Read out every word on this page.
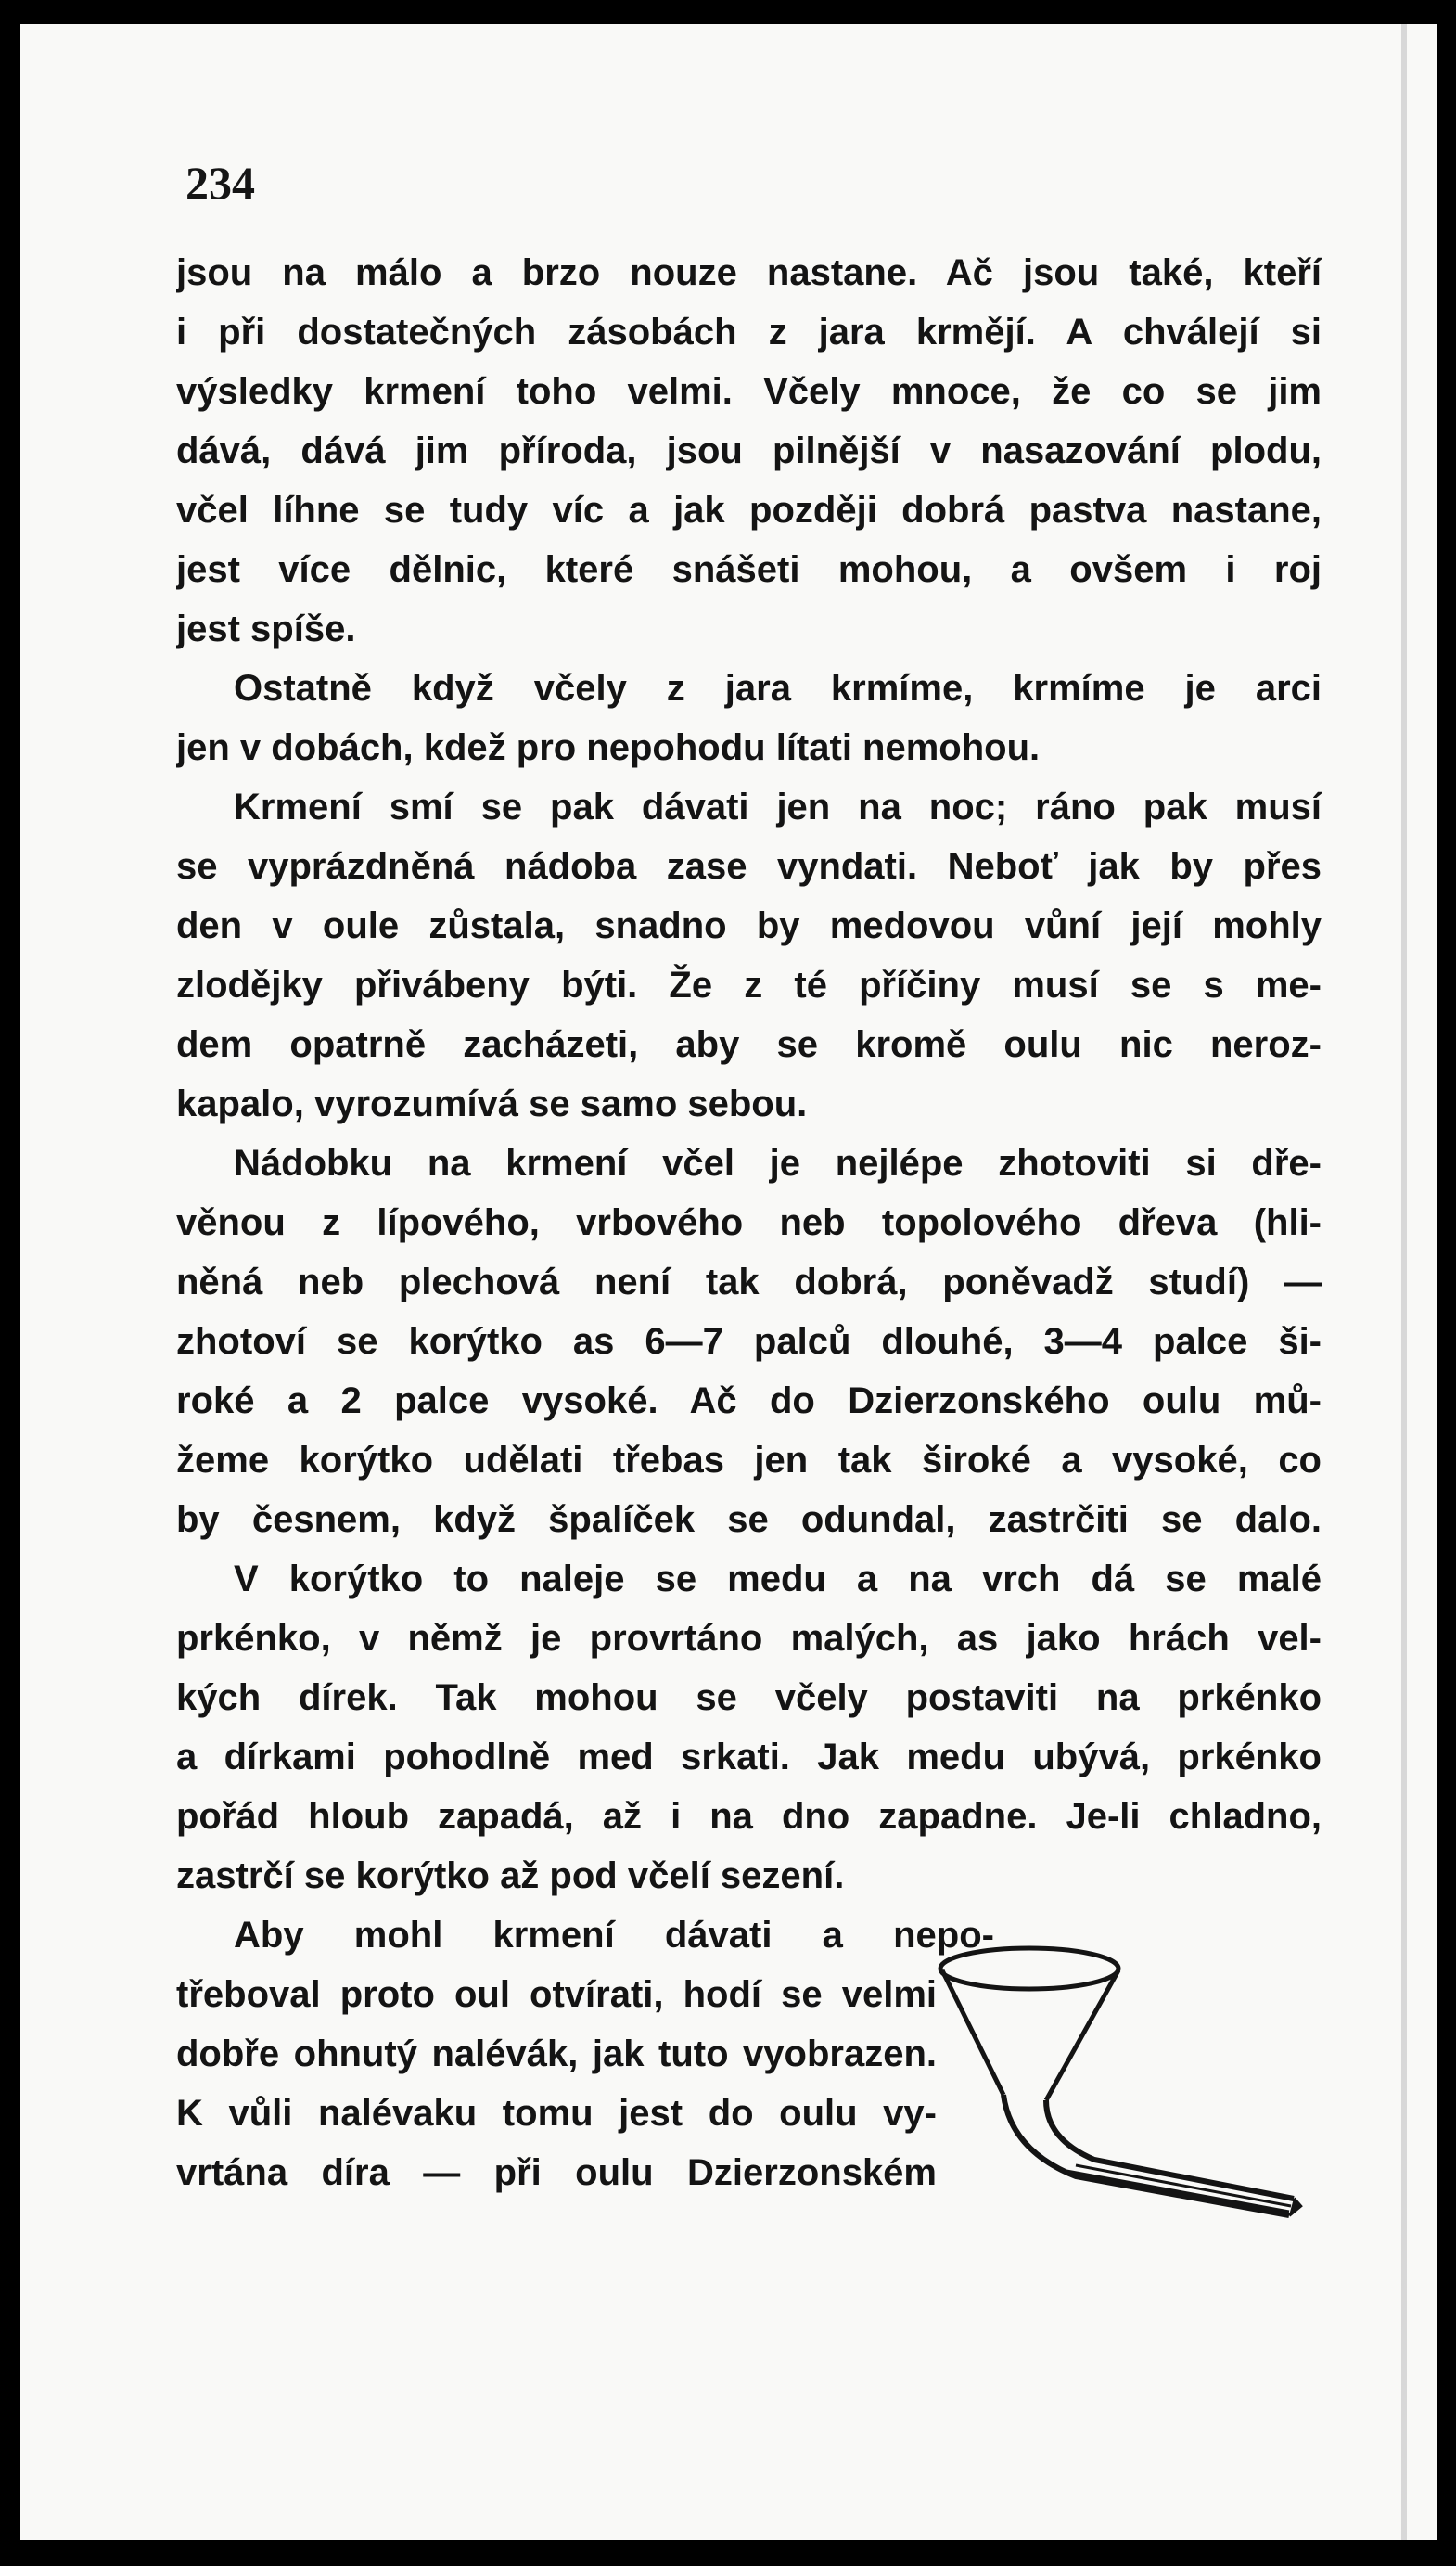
234
jsou na málo a brzo nouze nastane. Ač jsou také, kteří
i při dostatečných zásobách z jara krmějí. A chválejí si
výsledky krmení toho velmi. Včely mnoce, že co se jim
dává, dává jim příroda, jsou pilnější v nasazování plodu,
včel líhne se tudy víc a jak později dobrá pastva nastane,
jest více dělnic, které snášeti mohou, a ovšem i roj
jest spíše.
Ostatně když včely z jara krmíme, krmíme je arci
jen v dobách, kdež pro nepohodu lítati nemohou.
Krmení smí se pak dávati jen na noc; ráno pak musí
se vyprázdněná nádoba zase vyndati. Neboť jak by přes
den v oule zůstala, snadno by medovou vůní její mohly
zlodějky přivábeny býti. Že z té příčiny musí se s me-
dem opatrně zacházeti, aby se kromě oulu nic neroz-
kapalo, vyrozumívá se samo sebou.
Nádobku na krmení včel je nejlépe zhotoviti si dře-
věnou z lípového, vrbového neb topolového dřeva (hli-
něná neb plechová není tak dobrá, poněvadž studí) —
zhotoví se korýtko as 6—7 palců dlouhé, 3—4 palce ši-
roké a 2 palce vysoké. Ač do Dzierzonského oulu mů-
žeme korýtko udělati třebas jen tak široké a vysoké, co
by česnem, když špalíček se odundal, zastrčiti se dalo.
V korýtko to naleje se medu a na vrch dá se malé
prkénko, v němž je provrtáno malých, as jako hrách vel-
kých dírek. Tak mohou se včely postaviti na prkénko
a dírkami pohodlně med srkati. Jak medu ubývá, prkénko
pořád hloub zapadá, až i na dno zapadne. Je-li chladno,
zastrčí se korýtko až pod včelí sezení.
Aby mohl krmení dávati a nepo-
třeboval proto oul otvírati, hodí se velmi
dobře ohnutý nalévák, jak tuto vyobrazen.
K vůli nalévaku tomu jest do oulu vy-
vrtána díra — při oulu Dzierzonském
